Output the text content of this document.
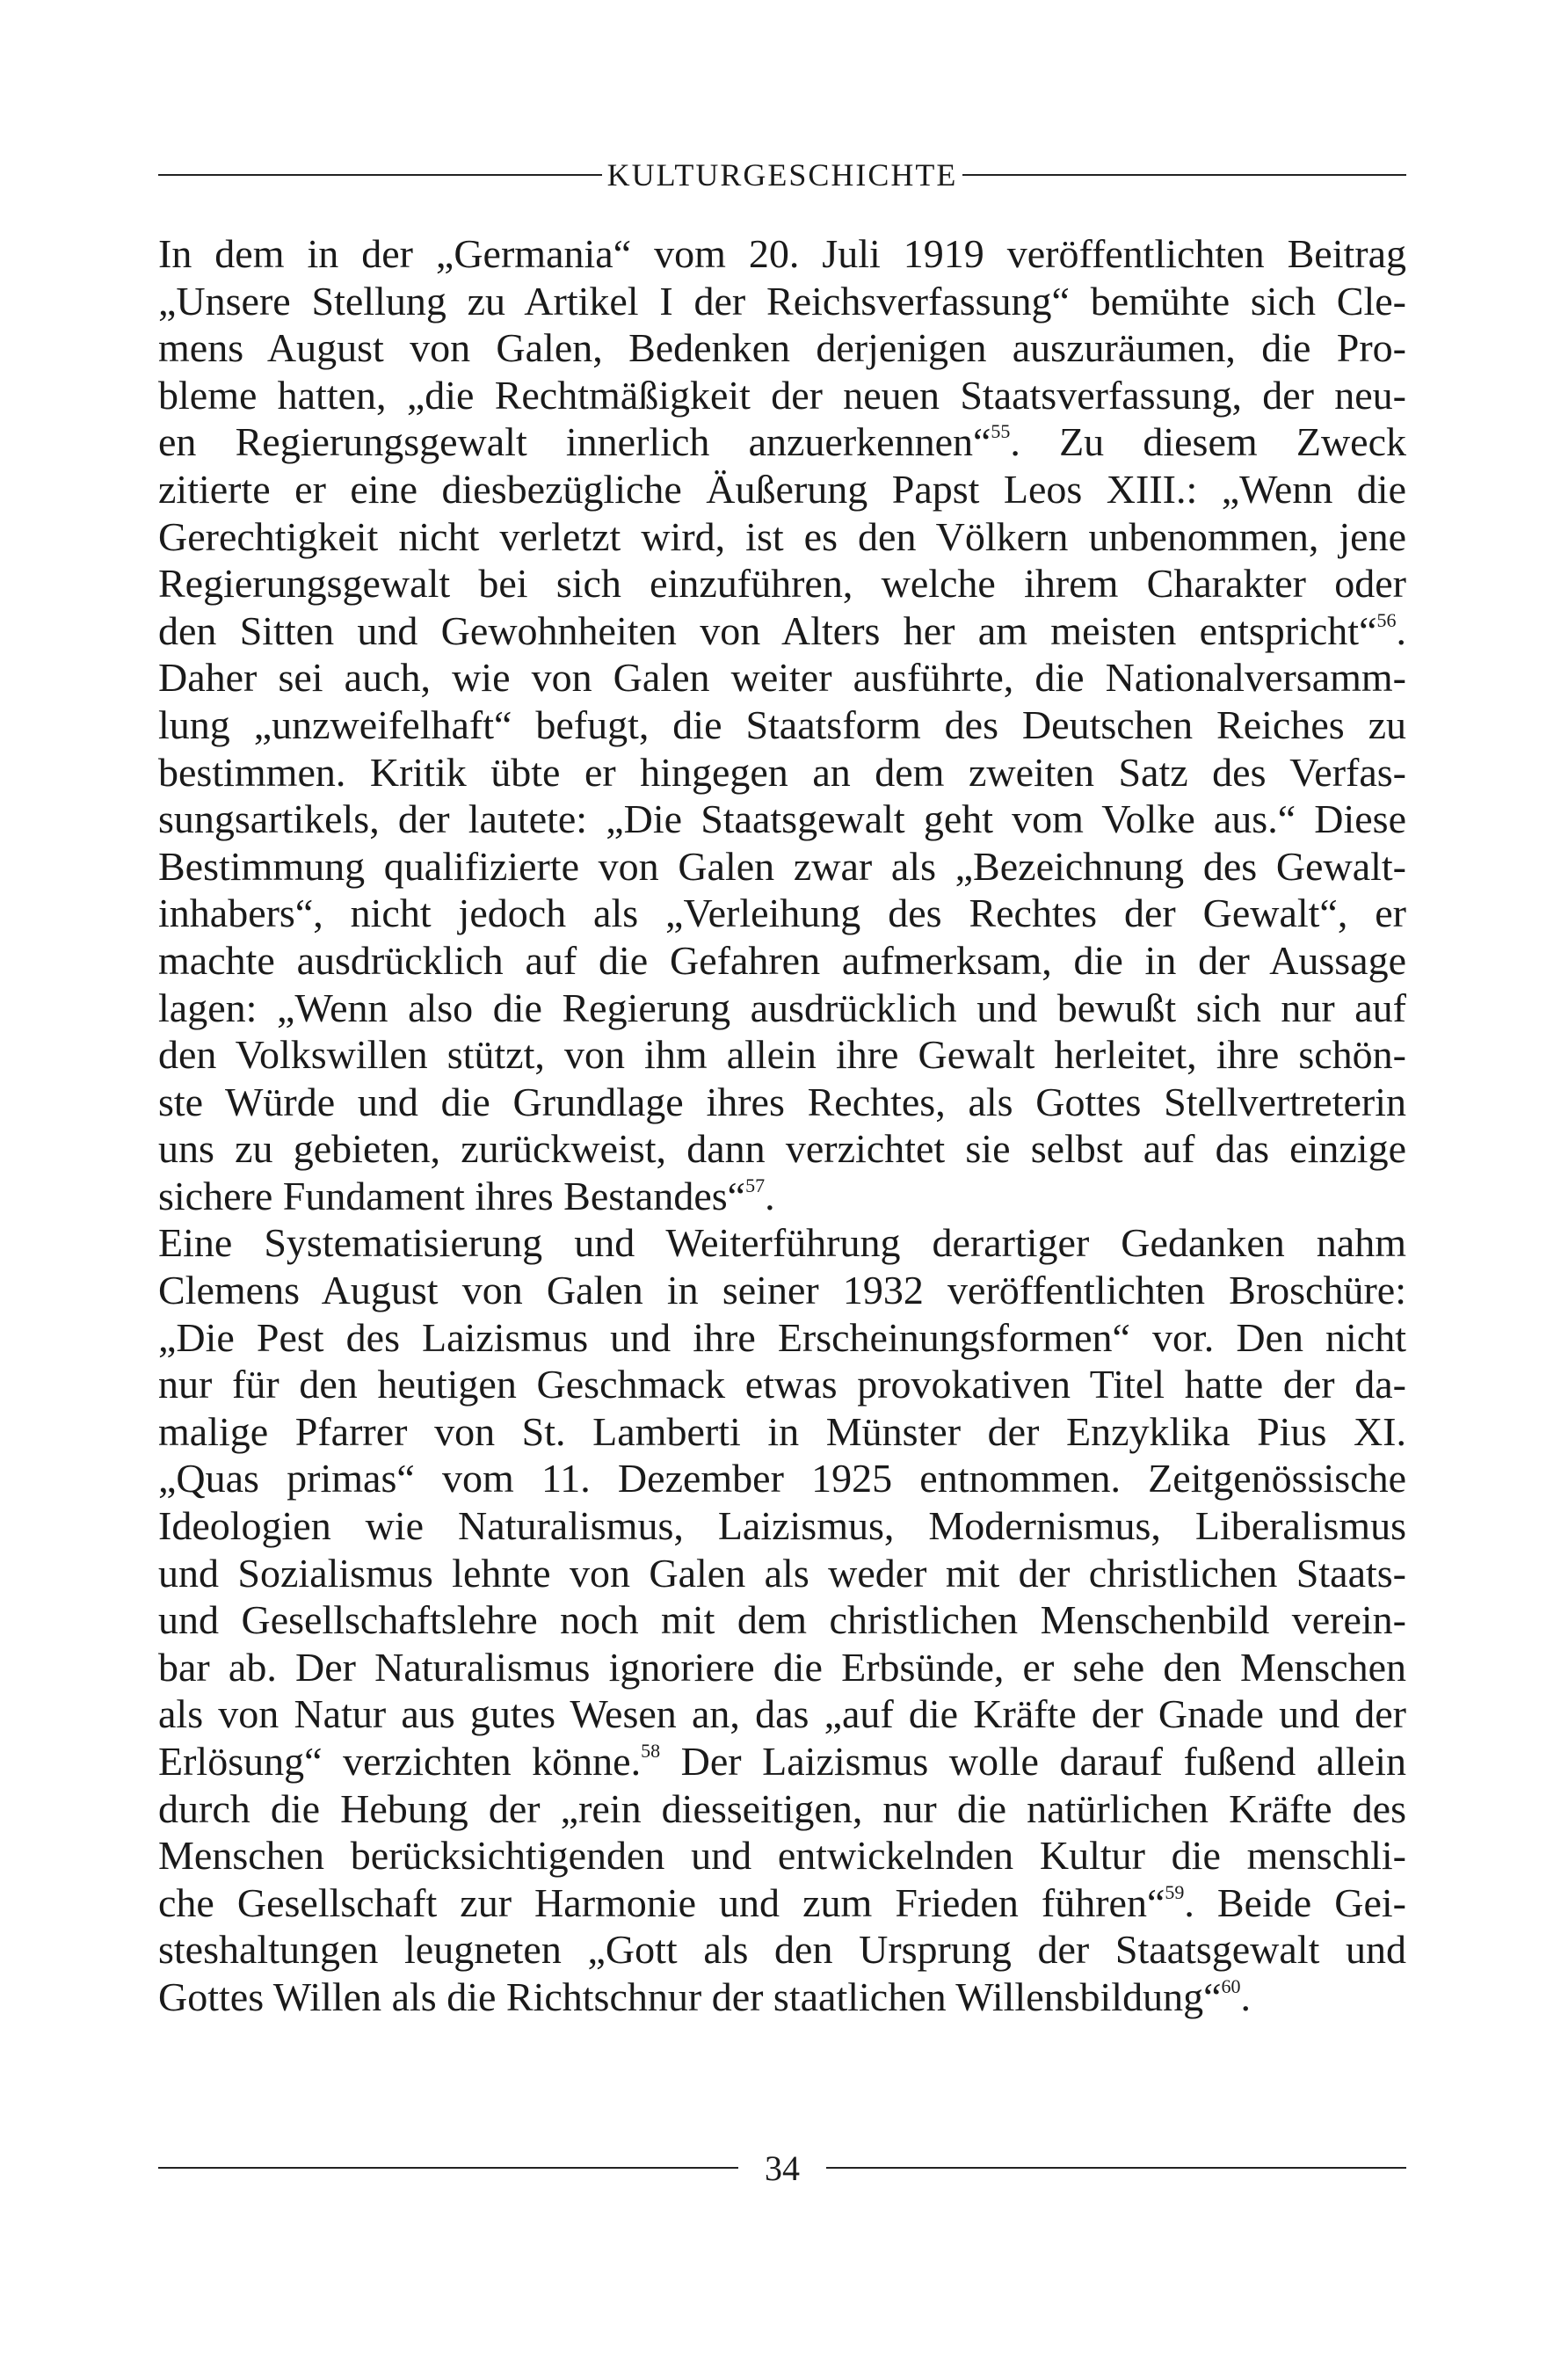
KULTURGESCHICHTE
In dem in der „Germania“ vom 20. Juli 1919 veröffentlichten Beitrag
„Unsere Stellung zu Artikel I der Reichsverfassung“ bemühte sich Cle-
mens August von Galen, Bedenken derjenigen auszuräumen, die Pro-
bleme hatten, „die Rechtmäßigkeit der neuen Staatsverfassung, der neu-
en Regierungsgewalt innerlich anzuerkennen“$^{55}$. Zu diesem Zweck
zitierte er eine diesbezügliche Äußerung Papst Leos XIII.: „Wenn die
Gerechtigkeit nicht verletzt wird, ist es den Völkern unbenommen, jene
Regierungsgewalt bei sich einzuführen, welche ihrem Charakter oder
den Sitten und Gewohnheiten von Alters her am meisten entspricht“$^{56}$.
Daher sei auch, wie von Galen weiter ausführte, die Nationalversamm-
lung „unzweifelhaft“ befugt, die Staatsform des Deutschen Reiches zu
bestimmen. Kritik übte er hingegen an dem zweiten Satz des Verfas-
sungsartikels, der lautete: „Die Staatsgewalt geht vom Volke aus.“ Diese
Bestimmung qualifizierte von Galen zwar als „Bezeichnung des Gewalt-
inhabers“, nicht jedoch als „Verleihung des Rechtes der Gewalt“, er
machte ausdrücklich auf die Gefahren aufmerksam, die in der Aussage
lagen: „Wenn also die Regierung ausdrücklich und bewußt sich nur auf
den Volkswillen stützt, von ihm allein ihre Gewalt herleitet, ihre schön-
ste Würde und die Grundlage ihres Rechtes, als Gottes Stellvertreterin
uns zu gebieten, zurückweist, dann verzichtet sie selbst auf das einzige
sichere Fundament ihres Bestandes“$^{57}$.
Eine Systematisierung und Weiterführung derartiger Gedanken nahm
Clemens August von Galen in seiner 1932 veröffentlichten Broschüre:
„Die Pest des Laizismus und ihre Erscheinungsformen“ vor. Den nicht
nur für den heutigen Geschmack etwas provokativen Titel hatte der da-
malige Pfarrer von St. Lamberti in Münster der Enzyklika Pius XI.
„Quas primas“ vom 11. Dezember 1925 entnommen. Zeitgenössische
Ideologien wie Naturalismus, Laizismus, Modernismus, Liberalismus
und Sozialismus lehnte von Galen als weder mit der christlichen Staats-
und Gesellschaftslehre noch mit dem christlichen Menschenbild verein-
bar ab. Der Naturalismus ignoriere die Erbsünde, er sehe den Menschen
als von Natur aus gutes Wesen an, das „auf die Kräfte der Gnade und der
Erlösung“ verzichten könne.$^{58}$ Der Laizismus wolle darauf fußend allein
durch die Hebung der „rein diesseitigen, nur die natürlichen Kräfte des
Menschen berücksichtigenden und entwickelnden Kultur die menschli-
che Gesellschaft zur Harmonie und zum Frieden führen“$^{59}$. Beide Gei-
steshaltungen leugneten „Gott als den Ursprung der Staatsgewalt und
Gottes Willen als die Richtschnur der staatlichen Willensbildung“$^{60}$.
34
